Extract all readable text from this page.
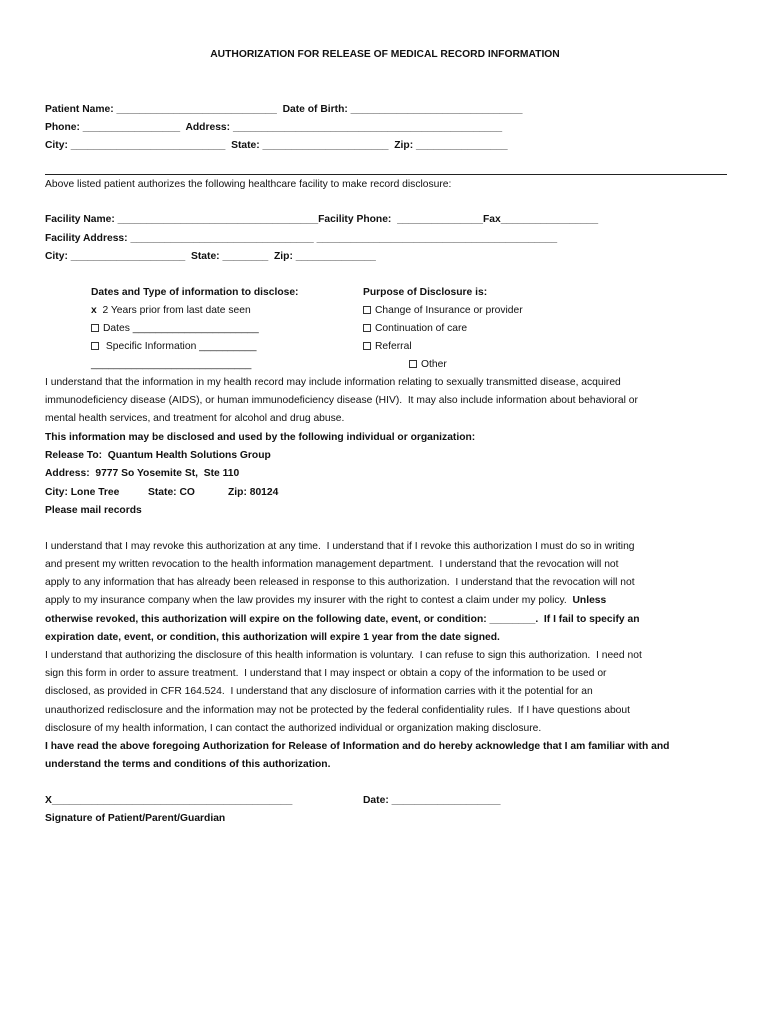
AUTHORIZATION FOR RELEASE OF MEDICAL RECORD INFORMATION
Patient Name: ____________________________  Date of Birth: ______________________________
Phone: _________________  Address: _______________________________________________
City: ___________________________  State: ______________________  Zip: ________________
Above listed patient authorizes the following healthcare facility to make record disclosure:
Facility Name: ___________________________________Facility Phone:  _______________Fax_________________
Facility Address: ________________________________ __________________________________________
City: ____________________  State: ________  Zip: ______________
Dates and Type of information to disclose:
x 2 Years prior from last date seen
Dates ______________________
Specific Information __________
____________________________
Purpose of Disclosure is:
Change of Insurance or provider
Continuation of care
Referral
Other
I understand that the information in my health record may include information relating to sexually transmitted disease, acquired
immunodeficiency disease (AIDS), or human immunodeficiency disease (HIV).  It may also include information about behavioral or
mental health services, and treatment for alcohol and drug abuse.
This information may be disclosed and used by the following individual or organization:
Release To:  Quantum Health Solutions Group
Address:  9777 So Yosemite St,  Ste 110
City: Lone Tree	State: CO	Zip: 80124
Please mail records
I understand that I may revoke this authorization at any time.  I understand that if I revoke this authorization I must do so in writing
and present my written revocation to the health information management department.  I understand that the revocation will not
apply to any information that has already been released in response to this authorization.  I understand that the revocation will not
apply to my insurance company when the law provides my insurer with the right to contest a claim under my policy.  Unless
otherwise revoked, this authorization will expire on the following date, event, or condition: ________.  If I fail to specify an
expiration date, event, or condition, this authorization will expire 1 year from the date signed.
I understand that authorizing the disclosure of this health information is voluntary.  I can refuse to sign this authorization.  I need not
sign this form in order to assure treatment.  I understand that I may inspect or obtain a copy of the information to be used or
disclosed, as provided in CFR 164.524.  I understand that any disclosure of information carries with it the potential for an
unauthorized redisclosure and the information may not be protected by the federal confidentiality rules.  If I have questions about
disclosure of my health information, I can contact the authorized individual or organization making disclosure.
I have read the above foregoing Authorization for Release of Information and do hereby acknowledge that I am familiar with and
understand the terms and conditions of this authorization.
X__________________________________________	Date: ___________________
Signature of Patient/Parent/Guardian
